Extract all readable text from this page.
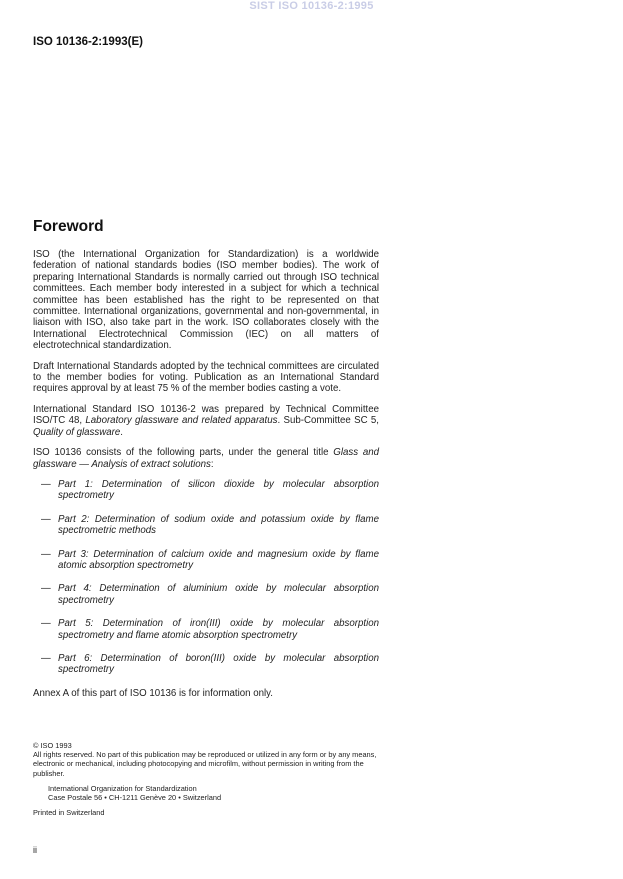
SIST ISO 10136-2:1995
ISO 10136-2:1993(E)
Foreword

ISO (the International Organization for Standardization) is a worldwide federation of national standards bodies (ISO member bodies). The work of preparing International Standards is normally carried out through ISO technical committees. Each member body interested in a subject for which a technical committee has been established has the right to be represented on that committee. International organizations, governmental and non-governmental, in liaison with ISO, also take part in the work. ISO collaborates closely with the International Electrotechnical Commission (IEC) on all matters of electrotechnical standardization.

Draft International Standards adopted by the technical committees are circulated to the member bodies for voting. Publication as an International Standard requires approval by at least 75 % of the member bodies casting a vote.

International Standard ISO 10136-2 was prepared by Technical Committee ISO/TC 48, Laboratory glassware and related apparatus. Sub-Committee SC 5, Quality of glassware.

ISO 10136 consists of the following parts, under the general title Glass and glassware — Analysis of extract solutions:

— Part 1: Determination of silicon dioxide by molecular absorption spectrometry
— Part 2: Determination of sodium oxide and potassium oxide by flame spectrometric methods
— Part 3: Determination of calcium oxide and magnesium oxide by flame atomic absorption spectrometry
— Part 4: Determination of aluminium oxide by molecular absorption spectrometry
— Part 5: Determination of iron(III) oxide by molecular absorption spectrometry and flame atomic absorption spectrometry
— Part 6: Determination of boron(III) oxide by molecular absorption spectrometry

Annex A of this part of ISO 10136 is for information only.

© ISO 1993

All rights reserved. No part of this publication may be reproduced or utilized in any form or by any means, electronic or mechanical, including photocopying and microfilm, without permission in writing from the publisher.

International Organization for Standardization

Case Postale 56 • CH-1211 Genève 20 • Switzerland

Printed in Switzerland

ii
